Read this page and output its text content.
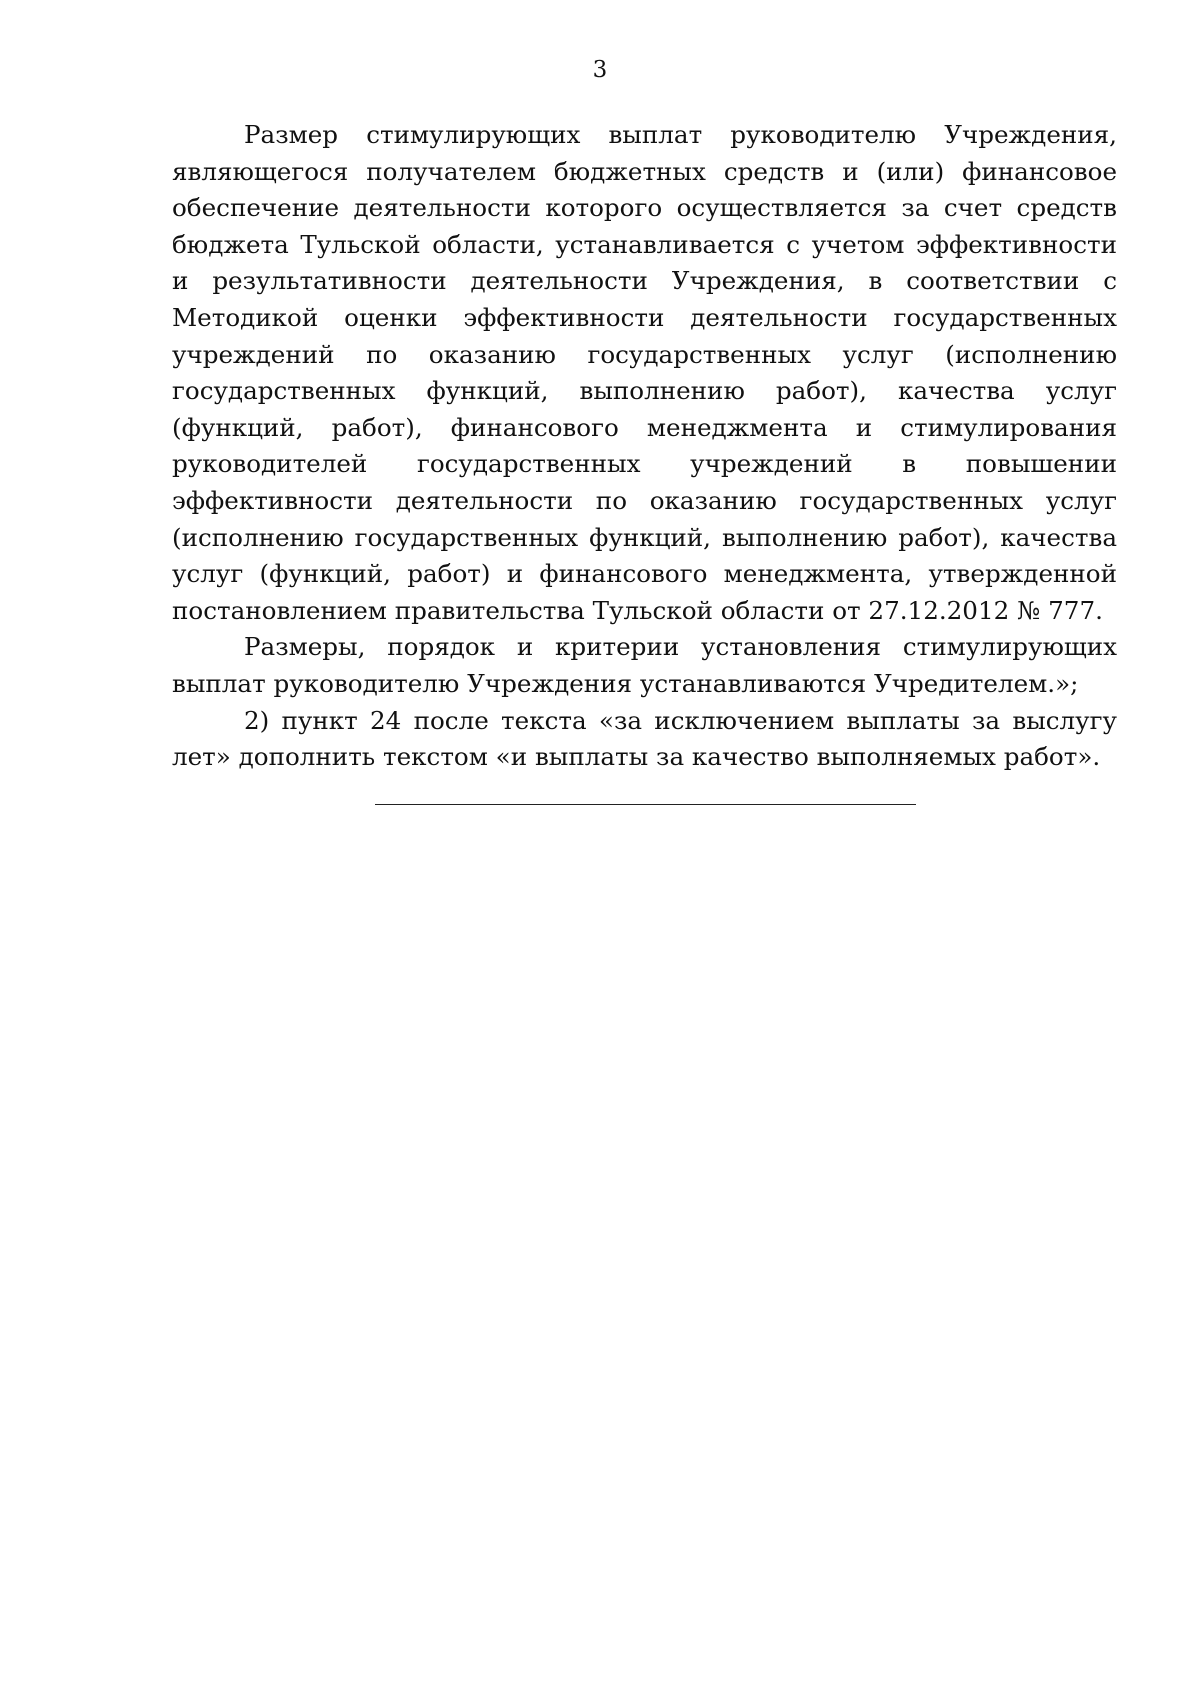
3

Размер стимулирующих выплат руководителю Учреждения, являющегося получателем бюджетных средств и (или) финансовое обеспечение деятельности которого осуществляется за счет средств бюджета Тульской области, устанавливается с учетом эффективности и результативности деятельности Учреждения, в соответствии с Методикой оценки эффективности деятельности государственных учреждений по оказанию государственных услуг (исполнению государственных функций, выполнению работ), качества услуг (функций, работ), финансового менеджмента и стимулирования руководителей государственных учреждений в повышении эффективности деятельности по оказанию государственных услуг (исполнению государственных функций, выполнению работ), качества услуг (функций, работ) и финансового менеджмента, утвержденной постановлением правительства Тульской области от 27.12.2012 № 777.

Размеры, порядок и критерии установления стимулирующих выплат руководителю Учреждения устанавливаются Учредителем.»;

2) пункт 24 после текста «за исключением выплаты за выслугу лет» дополнить текстом «и выплаты за качество выполняемых работ».
